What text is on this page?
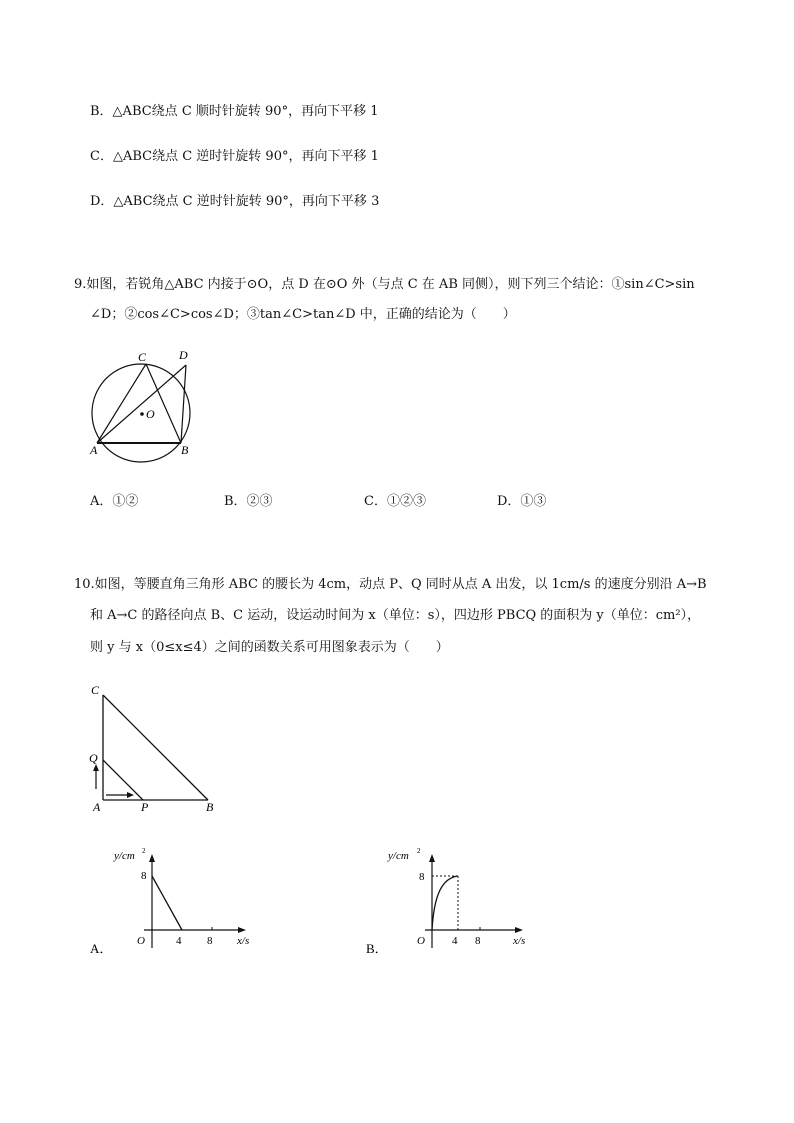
B．△ABC绕点 C 顺时针旋转 90°，再向下平移 1
C．△ABC绕点 C 逆时针旋转 90°，再向下平移 1
D．△ABC绕点 C 逆时针旋转 90°，再向下平移 3
9.如图，若锐角△ABC 内接于⊙O，点 D 在⊙O 外（与点 C 在 AB 同侧），则下列三个结论：①sin∠C>sin
∠D；②cos∠C>cos∠D；③tan∠C>tan∠D 中，正确的结论为（　　）
C	D
O
A	B
A．①②	B．②③	C．①②③	D．①③
10.如图，等腰直角三角形 ABC 的腰长为 4cm，动点 P、Q 同时从点 A 出发，以 1cm/s 的速度分别沿 A→B
和 A→C 的路径向点 B、C 运动，设运动时间为 x（单位：s），四边形 PBCQ 的面积为 y（单位：cm²），
则 y 与 x（0≤x≤4）之间的函数关系可用图象表示为（　　）
C
Q
A	P	B
y/cm 2
8
O	4 8 x/s
A．
y/cm 2
8
O 4 8	x/s
B．
